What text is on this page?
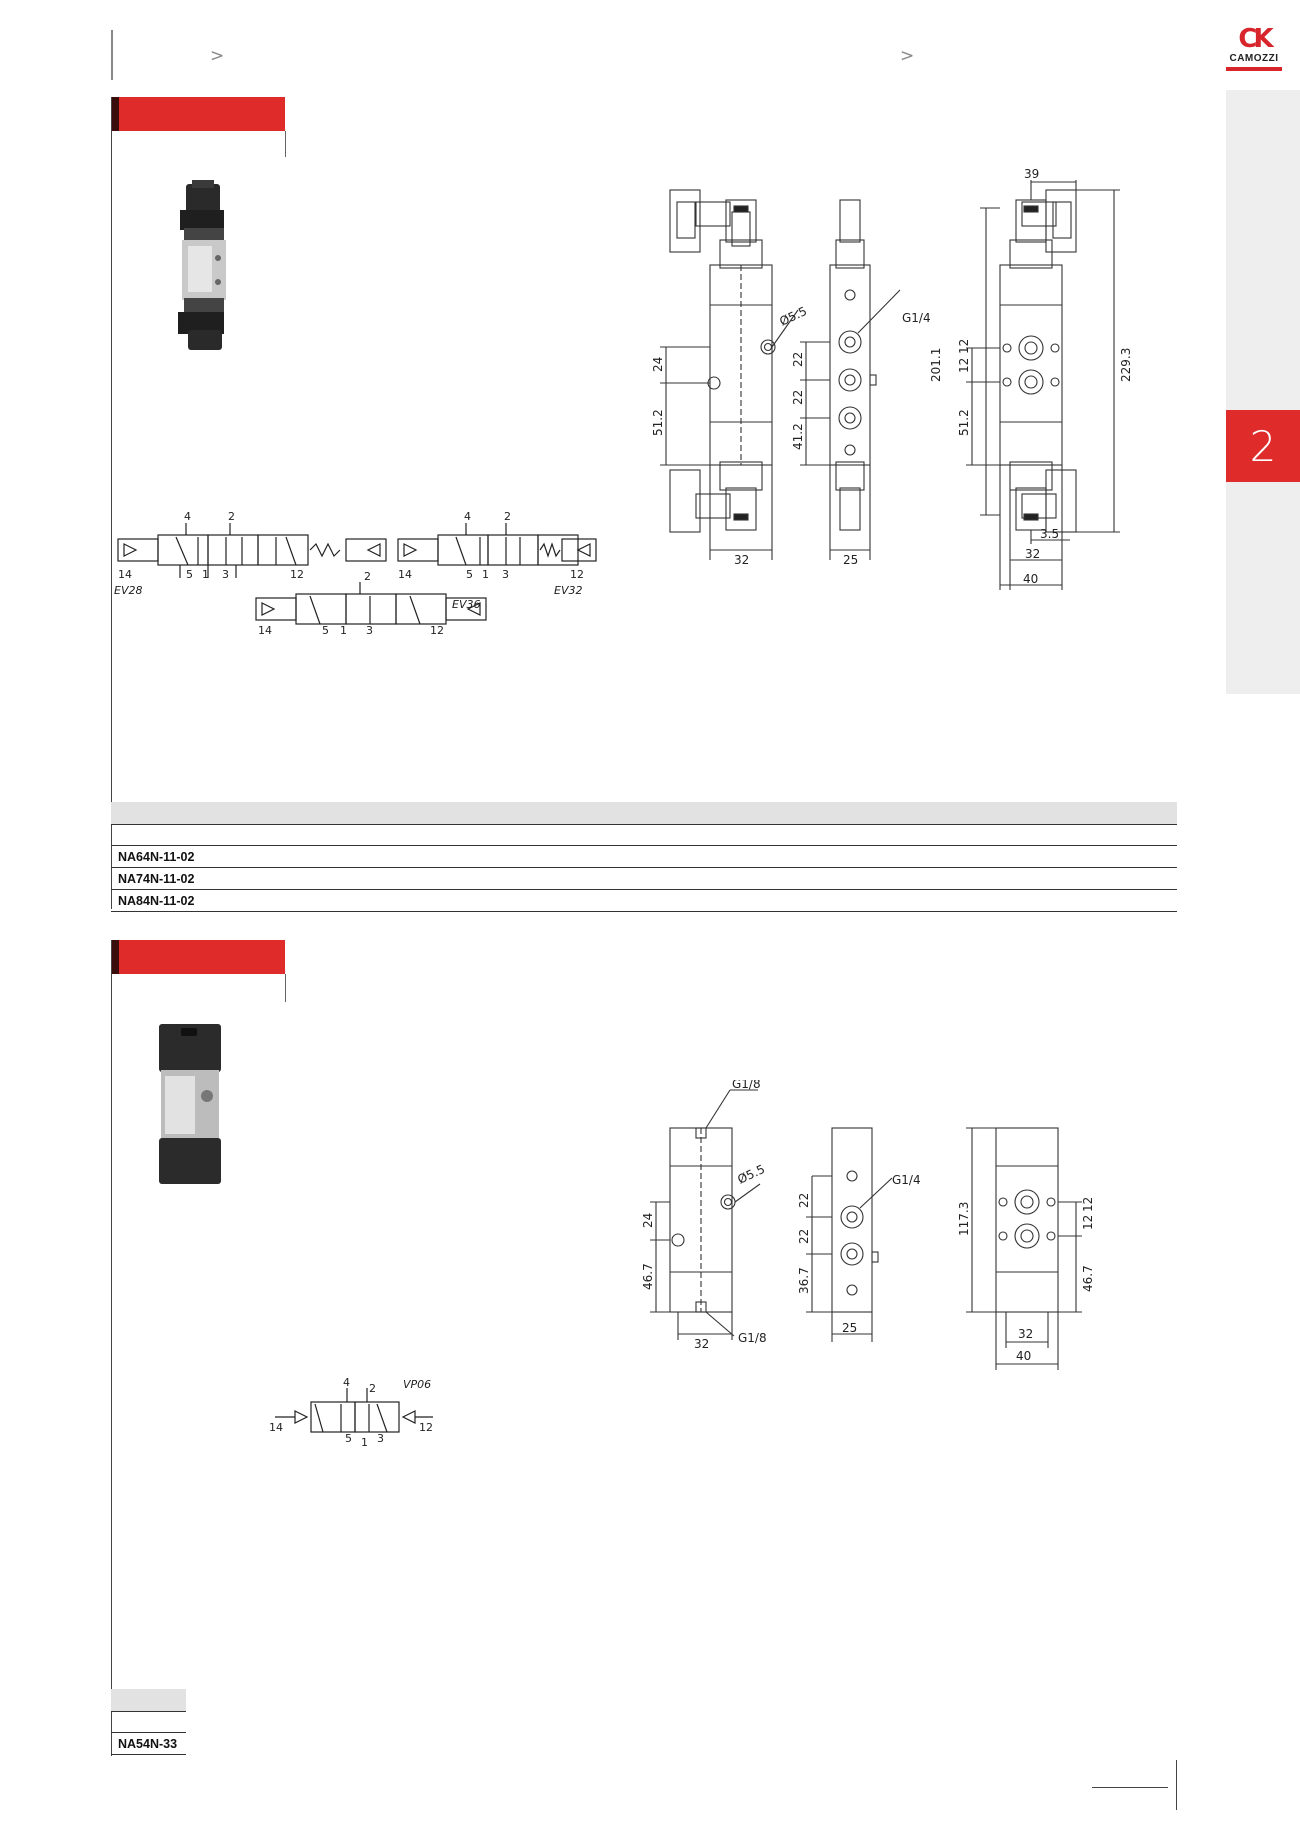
>	>
CK
CAMOZZI
2
4	2
14	5 1 3	12
EV28
4	2
14	5 1 3	12
EV32
2
14	5 1 3	12
EV36
39
Ø5.5	G1/4
24
51.2
22
22
41.2
201.1 12
12
51.2
229.3
3.5
32	25	32
40
NA64N-11-02
NA74N-11-02
NA84N-11-02
4 2
14
5 1 3
12
VP06
G1/8
Ø5.5
24
46.7
32 G1/8
G1/4
22
22
36.7
25
117.3	12
12
46.7
32
40
NA54N-33
